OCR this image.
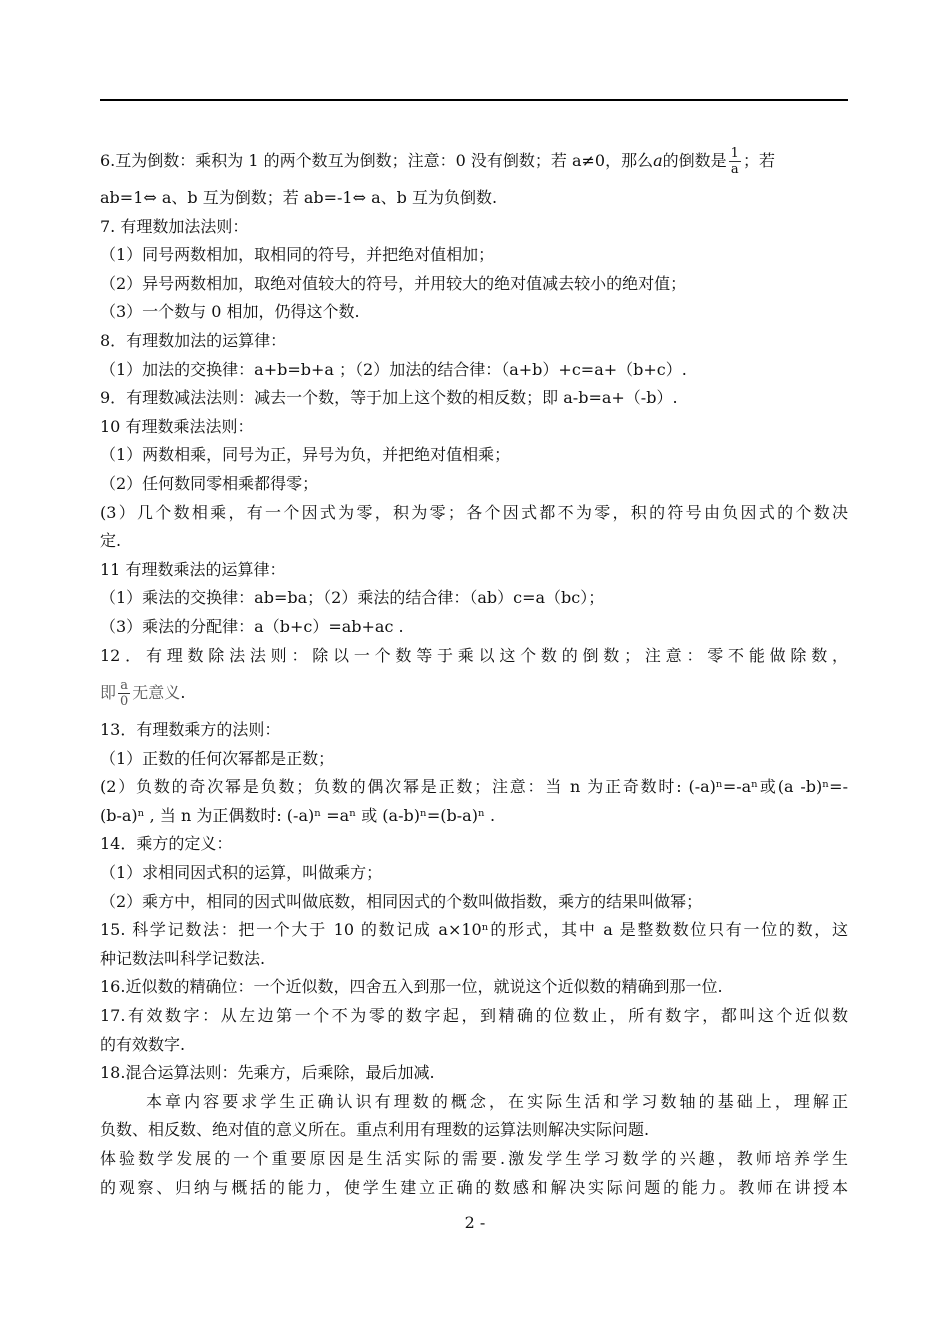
6.互为倒数：乘积为 1 的两个数互为倒数；注意：0 没有倒数；若 a≠0，那么a的倒数是 $\frac{1}{a}$ ；若
ab=1⇔ a、b 互为倒数；若 ab=-1⇔ a、b 互为负倒数.
7. 有理数加法法则：
（1）同号两数相加，取相同的符号，并把绝对值相加；
（2）异号两数相加，取绝对值较大的符号，并用较大的绝对值减去较小的绝对值；
（3）一个数与 0 相加，仍得这个数.
8．有理数加法的运算律：
（1）加法的交换律：a+b=b+a ；（2）加法的结合律：（a+b）+c=a+（b+c）.
9．有理数减法法则：减去一个数，等于加上这个数的相反数；即 a-b=a+（-b）.
10 有理数乘法法则：
（1）两数相乘，同号为正，异号为负，并把绝对值相乘；
（2）任何数同零相乘都得零；
(3）几个数相乘，有一个因式为零，积为零；各个因式都不为零，积的符号由负因式的个数决
定.
11 有理数乘法的运算律：
（1）乘法的交换律：ab=ba；（2）乘法的结合律：（ab）c=a（bc）；
（3）乘法的分配律：a（b+c）=ab+ac .
12．有理数除法法则：除以一个数等于乘以这个数的倒数；注意：零不能做除数，
即 $\frac{a}{0}$ 无意义.
13．有理数乘方的法则：
（1）正数的任何次幂都是正数；
(2）负数的奇次幂是负数；负数的偶次幂是正数；注意：当 n 为正奇数时: (-a)ⁿ=-aⁿ或(a -b)ⁿ=-
(b-a)ⁿ , 当 n 为正偶数时: (-a)ⁿ =aⁿ 或 (a-b)ⁿ=(b-a)ⁿ .
14．乘方的定义：
（1）求相同因式积的运算，叫做乘方；
（2）乘方中，相同的因式叫做底数，相同因式的个数叫做指数，乘方的结果叫做幂；
15. 科学记数法：把一个大于 10 的数记成 a×10ⁿ的形式，其中 a 是整数数位只有一位的数，这
种记数法叫科学记数法.
16.近似数的精确位：一个近似数，四舍五入到那一位，就说这个近似数的精确到那一位.
17.有效数字：从左边第一个不为零的数字起，到精确的位数止，所有数字，都叫这个近似数
的有效数字.
18.混合运算法则：先乘方，后乘除，最后加减.
本章内容要求学生正确认识有理数的概念，在实际生活和学习数轴的基础上，理解正
负数、相反数、绝对值的意义所在。重点利用有理数的运算法则解决实际问题.
体验数学发展的一个重要原因是生活实际的需要.激发学生学习数学的兴趣，教师培养学生
的观察、归纳与概括的能力，使学生建立正确的数感和解决实际问题的能力。教师在讲授本
2 -
